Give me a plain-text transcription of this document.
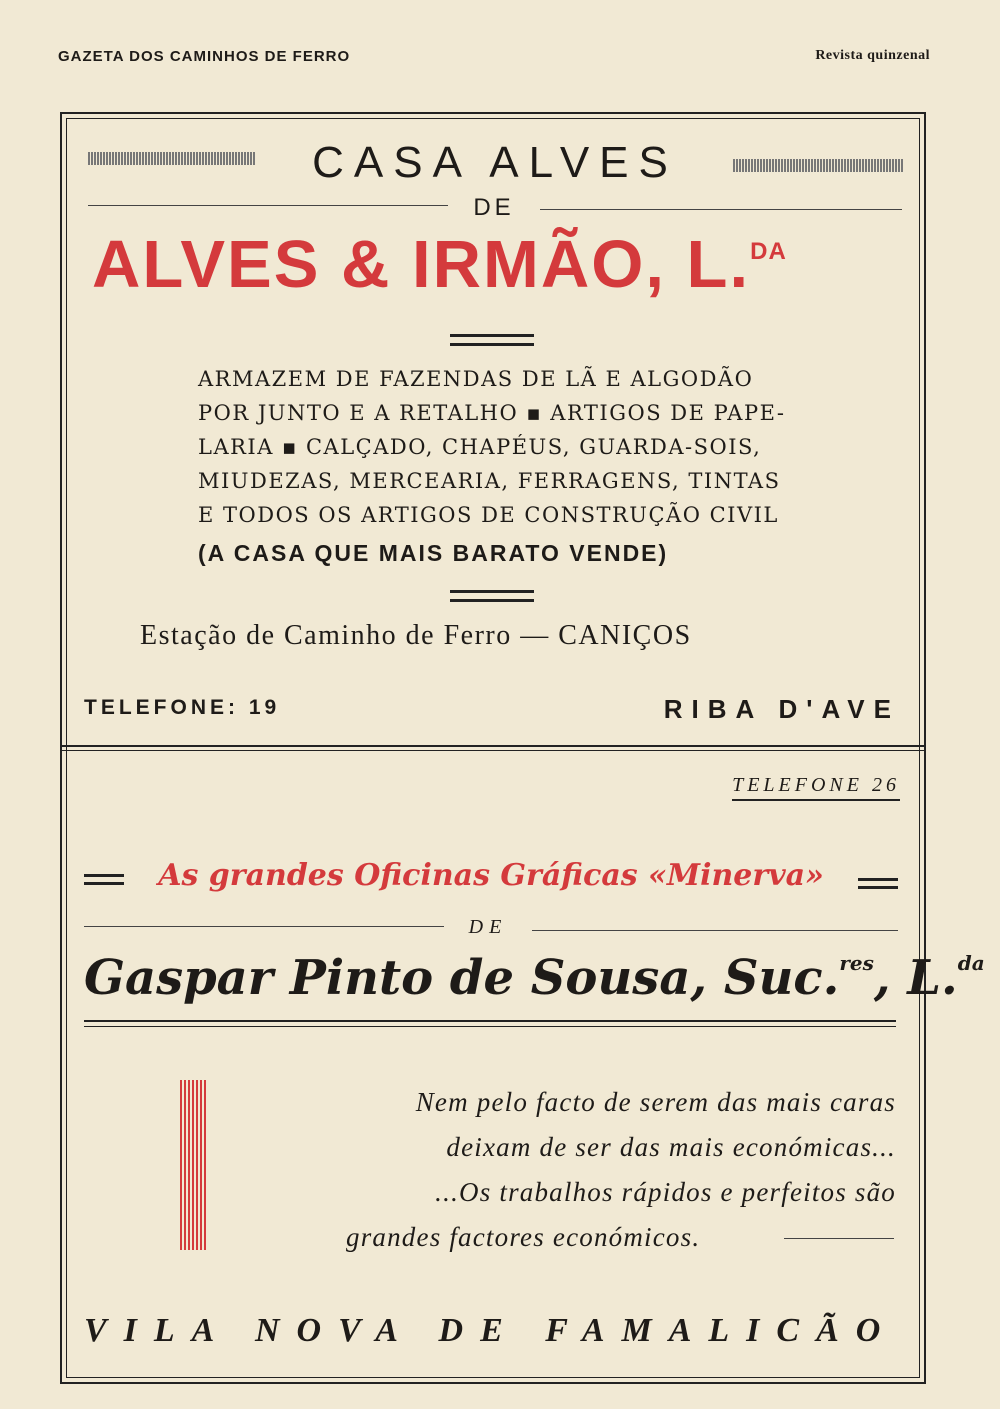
GAZETA DOS CAMINHOS DE FERRO	Revista quinzenal
CASA ALVES
DE
ALVES & IRMÃO, L.$^{DA}$
ARMAZEM DE FAZENDAS DE LÃ E ALGODÃO
POR JUNTO E A RETALHO ▪ ARTIGOS DE PAPE-
LARIA ▪ CALÇADO, CHAPÉUS, GUARDA-SOIS,
MIUDEZAS, MERCEARIA, FERRAGENS, TINTAS
E TODOS OS ARTIGOS DE CONSTRUÇÃO CIVIL
(A CASA QUE MAIS BARATO VENDE)
Estação de Caminho de Ferro — CANIÇOS
TELEFONE: 19	RIBA D'AVE
TELEFONE 26
As grandes Oficinas Gráficas «Minerva»
DE
Gaspar Pinto de Sousa, Suc.$^{res}$, L.$^{da}$
Nem pelo facto de serem das mais caras
deixam de ser das mais económicas...
...Os trabalhos rápidos e perfeitos são
grandes factores económicos.
VILA NOVA DE FAMALICÃO
